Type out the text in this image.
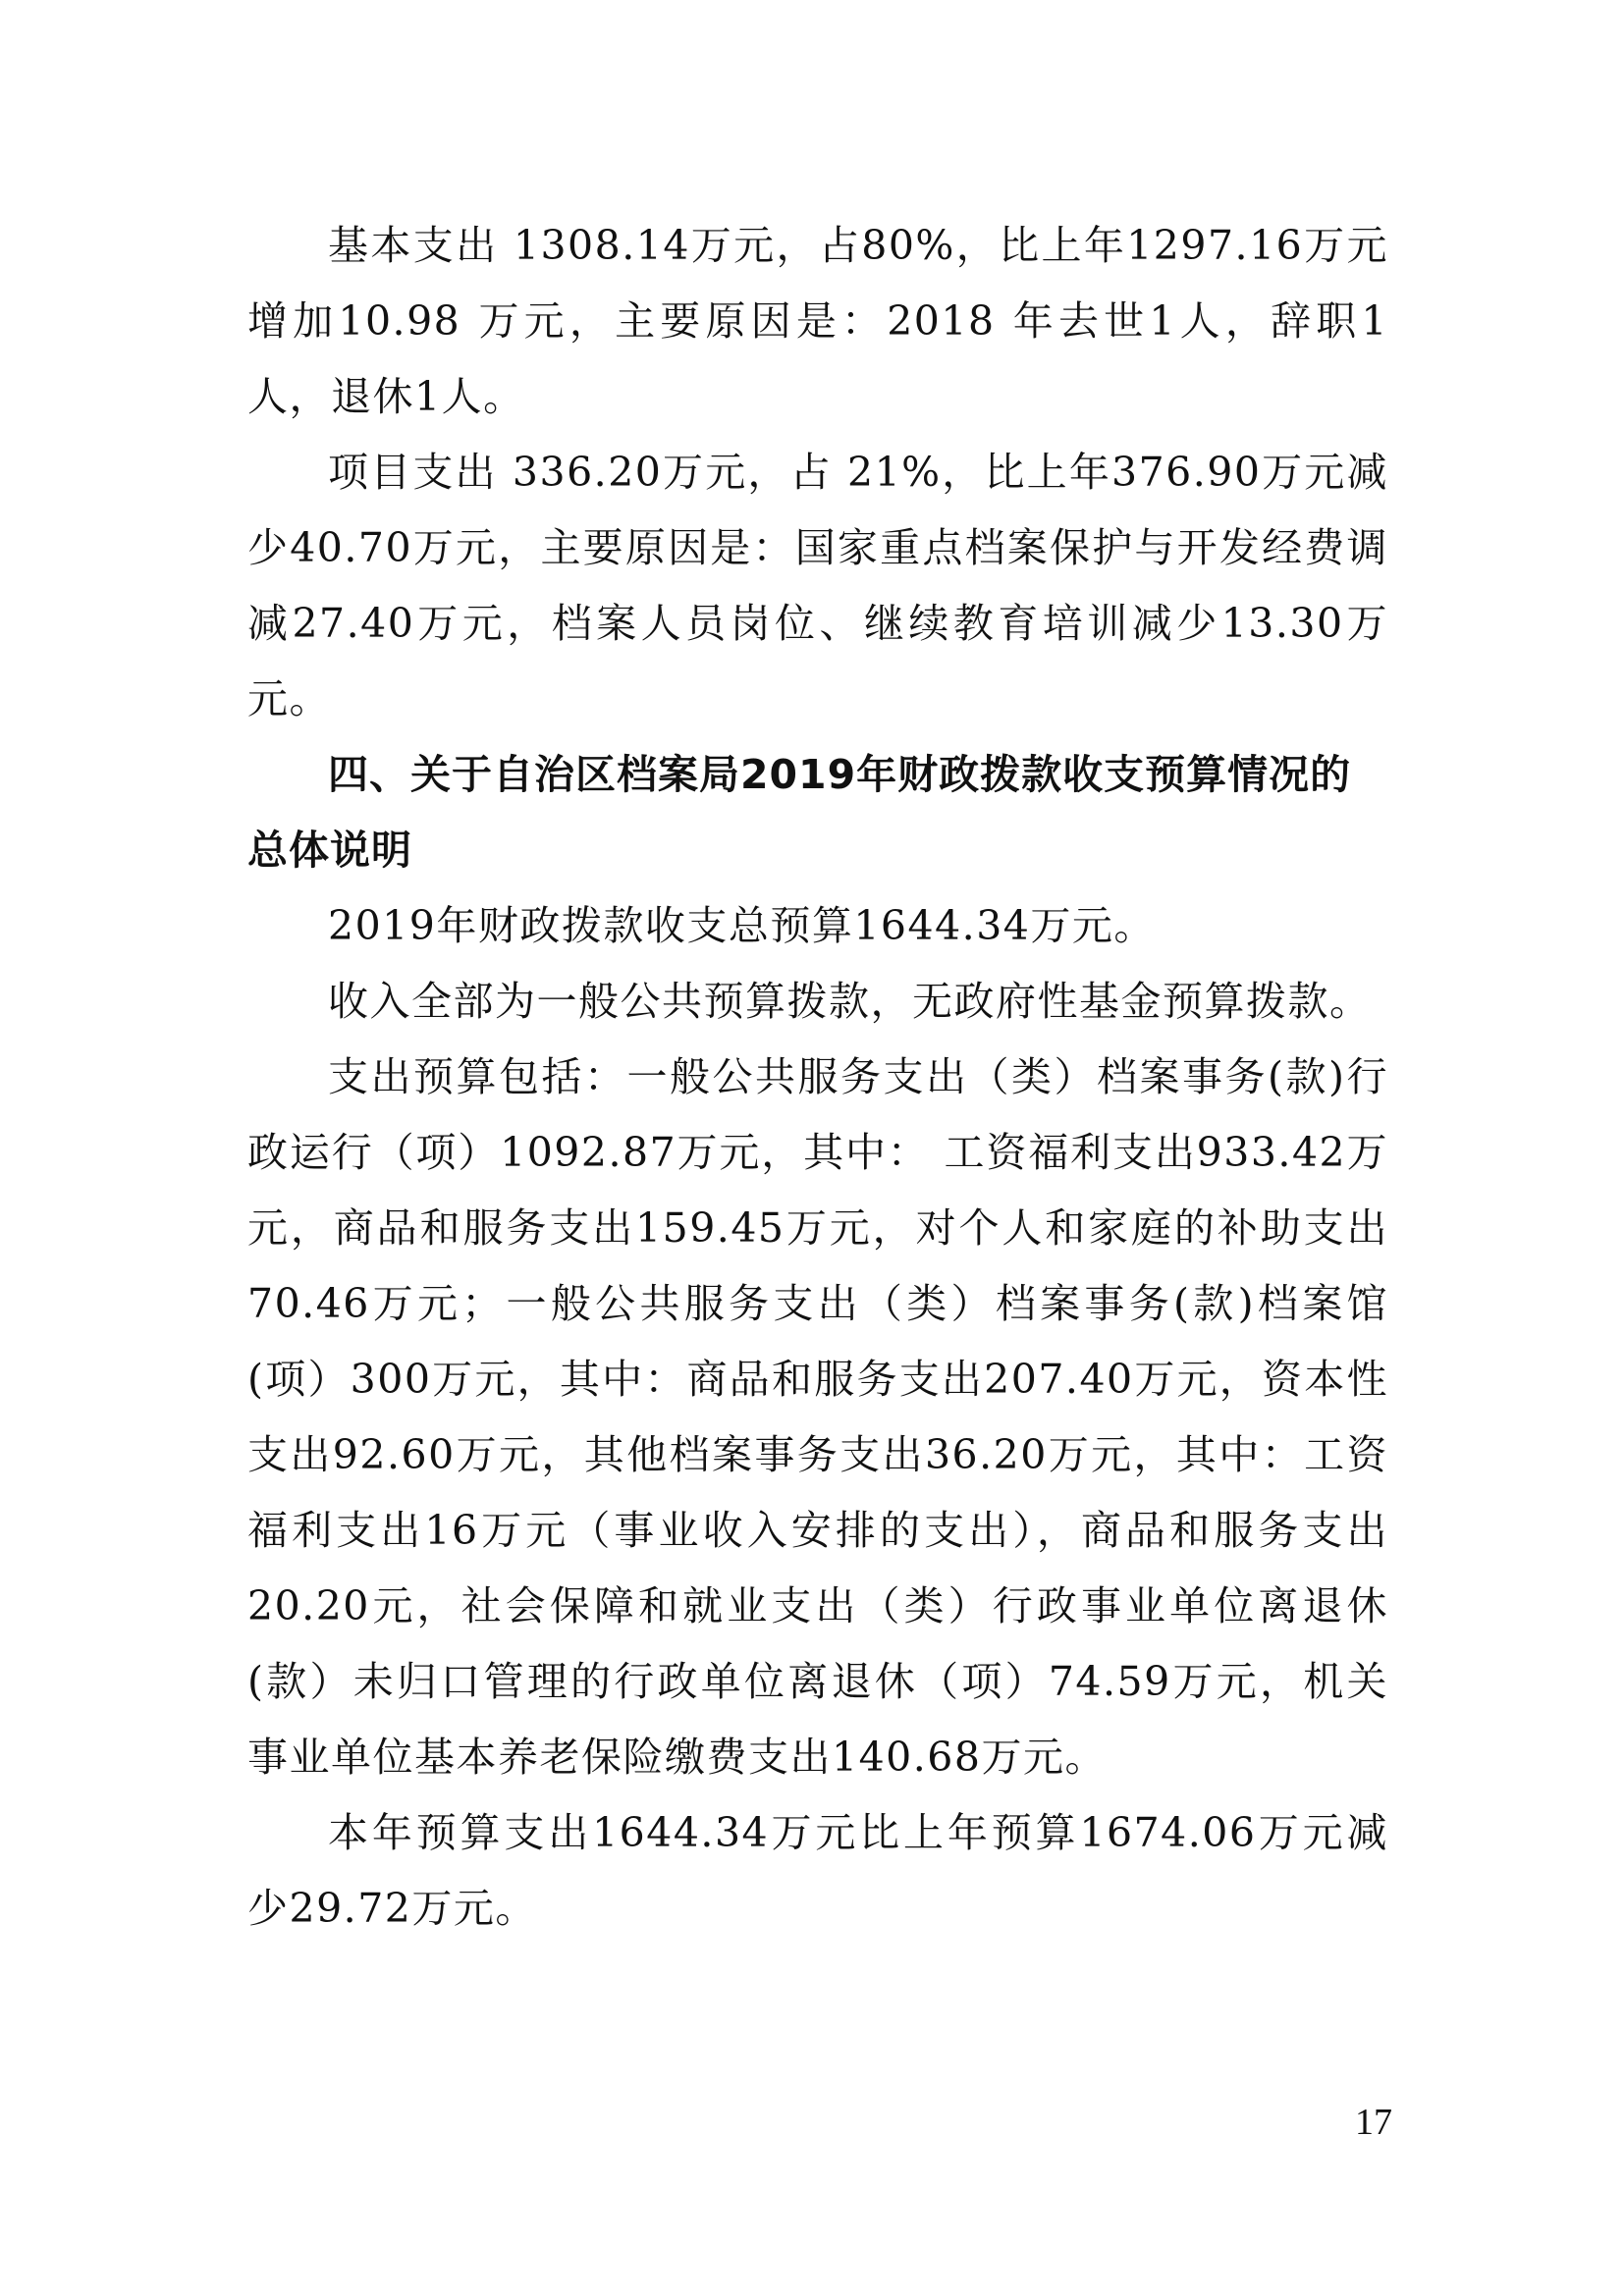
基本支出 1308.14万元，占80%，比上年1297.16万元增加10.98 万元，主要原因是：2018 年去世1人，辞职1人，退休1人。

项目支出 336.20万元，占 21%，比上年376.90万元减少40.70万元，主要原因是：国家重点档案保护与开发经费调减27.40万元，档案人员岗位、继续教育培训减少13.30万元。

四、关于自治区档案局2019年财政拨款收支预算情况的总体说明

2019年财政拨款收支总预算1644.34万元。

收入全部为一般公共预算拨款，无政府性基金预算拨款。

支出预算包括：一般公共服务支出（类）档案事务(款)行政运行（项）1092.87万元，其中： 工资福利支出933.42万元，商品和服务支出159.45万元，对个人和家庭的补助支出70.46万元；一般公共服务支出（类）档案事务(款)档案馆(项）300万元，其中：商品和服务支出207.40万元，资本性支出92.60万元，其他档案事务支出36.20万元，其中：工资福利支出16万元（事业收入安排的支出），商品和服务支出20.20元，社会保障和就业支出（类）行政事业单位离退休(款）未归口管理的行政单位离退休（项）74.59万元，机关事业单位基本养老保险缴费支出140.68万元。

本年预算支出1644.34万元比上年预算1674.06万元减少29.72万元。

17
